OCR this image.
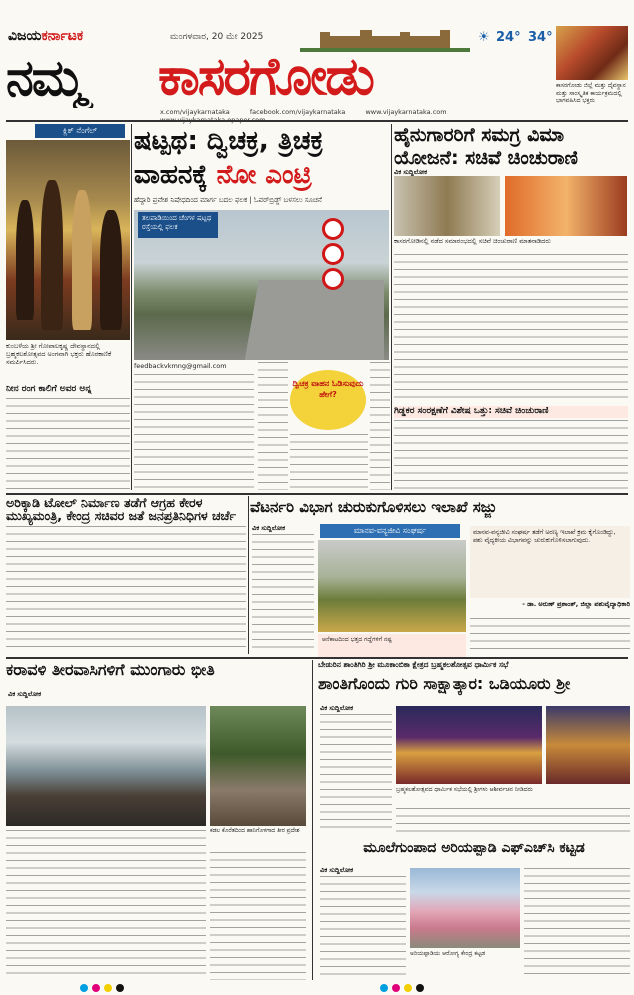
ವಿಜಯಕರ್ನಾಟಕ	ಮಂಗಳವಾರ, 20 ಮೇ 2025	☀ 24° 34°
ನಮ್ಮ	ಕಾಸರಗೋಡು
x.com/vijaykarnataka	facebook.com/vijaykarnataka	www.vijaykarnataka.com
ಕಾಸರಗೋಡು ಜಿಲ್ಲೆ ಮತ್ತು ದೈವಸ್ಥಾನ ಮತ್ತು ಸಾಂಸ್ಕೃತಿಕ ಕಾರ್ಯಕ್ರಮದಲ್ಲಿ ಭಾಗವಹಿಸಿದ ಭಕ್ತರು
ಕ್ಲಿಕ್ ನೆಂಗೆಲ್
ಕುಂಬಳೆಯ ಶ್ರೀ ಗೋಪಾಲಕೃಷ್ಣ ದೇವಸ್ಥಾನದಲ್ಲಿ ಬ್ರಹ್ಮಕಲಶೋತ್ಸವದ ಅಂಗವಾಗಿ ಭಕ್ತರು ಹೊರಕಾಣಿಕೆ ಸಮರ್ಪಿಸಿದರು.
ನೀನ ರಂಗ ಕಾಲಿಗೆ ಅವರ ಅನ್ನ
ಷಟ್ಪಥ: ದ್ವಿಚಕ್ರ, ತ್ರಿಚಕ್ರ
ವಾಹನಕ್ಕೆ ನೋ ಎಂಟ್ರಿ
ಹೆದ್ದಾರಿ ಪ್ರವೇಶ ನಿಷೇಧದಿಂದ ಮಾರ್ಗ ಬದಲ ಫಲಕ | ಓವರ್‌ಬ್ರಿಡ್ಜ್ ಬಳಸಲು ಸೂಚನೆ
ತಲಪಾಡಿಯಿಂದ ಚೆಂಗಳ ಷಟ್ಪಥ ರಸ್ತೆಯಲ್ಲಿ ಫಲಕ
feedbackvkmng@gmail.com
ದ್ವಿಚಕ್ರ ವಾಹನ ಓಡಿಸುವುದು ಹೇಗೆ?
ಹೈನುಗಾರರಿಗೆ ಸಮಗ್ರ ವಿಮಾ ಯೋಜನೆ: ಸಚಿವೆ ಚಿಂಚುರಾಣಿ
ವಿಕ ಸುದ್ದಿಲೋಕ
ಕಾಸರಗೋಡಿನಲ್ಲಿ ನಡೆದ ಸಮಾರಂಭದಲ್ಲಿ ಸಚಿವೆ ಚಿಂಚುರಾಣಿ ಮಾತನಾಡಿದರು
ಗಿಡ್ಡಕರ ಸಂರಕ್ಷಣೆಗೆ ವಿಶೇಷ ಒತ್ತು: ಸಚಿವೆ ಚಿಂಚುರಾಣಿ
ಅರಿಕ್ಕಾಡಿ ಟೋಲ್ ನಿರ್ಮಾಣ ತಡೆಗೆ ಆಗ್ರಹ ಕೇರಳ ಮುಖ್ಯಮಂತ್ರಿ, ಕೇಂದ್ರ ಸಚಿವರ ಜತೆ ಜನಪ್ರತಿನಿಧಿಗಳ ಚರ್ಚೆ ವೆಟರ್ನರಿ ವಿಭಾಗ ಚುರುಕುಗೊಳಿಸಲು ಇಲಾಖೆ ಸಜ್ಜು
ವಿಕ ಸುದ್ದಿಲೋಕ	ಮಾನವ-ವನ್ಯಜೀವಿ ಸಂಘರ್ಷ
ಆನೆಕಾಟದಿಂದ ಭತ್ತದ ಗದ್ದೆಗಳಿಗೆ ನಷ್ಟ
ಮಾನವ-ವನ್ಯಜೀವಿ ಸಂಘರ್ಷ ತಡೆಗೆ ಅರಣ್ಯ ಇಲಾಖೆ ಕ್ರಮ ಕೈಗೊಂಡಿದ್ದು, ಪಶು ವೈದ್ಯಕೀಯ ವಿಭಾಗವನ್ನು ಚುರುಕುಗೊಳಿಸಲಾಗುವುದು.
- ಡಾ. ಅರುಣ್ ಪ್ರಶಾಂತ್, ಜಿಲ್ಲಾ ಪಶುವೈದ್ಯಾಧಿಕಾರಿ
ಕರಾವಳಿ ತೀರವಾಸಿಗಳಿಗೆ ಮುಂಗಾರು ಭೀತಿ
ವಿಕ ಸುದ್ದಿಲೋಕ
ಕಡಲ ಕೊರೆತದಿಂದ ಹಾನಿಗೊಳಗಾದ ತೀರ ಪ್ರದೇಶ
ಬೇಡುರಿನ ಶಾಂತಿಗಿರಿ ಶ್ರೀ ಮೂಕಾಂಬಿಕಾ ಕ್ಷೇತ್ರದ ಬ್ರಹ್ಮಕಲಶೋತ್ಸವ ಧಾರ್ಮಿಕ ಸಭೆ
ಶಾಂತಿಗೊಂದು ಗುರಿ ಸಾಕ್ಷಾತ್ಕಾರ: ಒಡಿಯೂರು ಶ್ರೀ
ವಿಕ ಸುದ್ದಿಲೋಕ
ಬ್ರಹ್ಮಕಲಶೋತ್ಸವದ ಧಾರ್ಮಿಕ ಸಭೆಯಲ್ಲಿ ಶ್ರೀಗಳು ಆಶೀರ್ವಚನ ನೀಡಿದರು
ಮೂಲೆಗುಂಪಾದ ಅರಿಯಪ್ಪಾಡಿ ಎಫ್‌ಎಚ್‌ಸಿ ಕಟ್ಟಡ
ವಿಕ ಸುದ್ದಿಲೋಕ
ಅರಿಯಪ್ಪಾಡಿಯ ಆರೋಗ್ಯ ಕೇಂದ್ರ ಕಟ್ಟಡ
